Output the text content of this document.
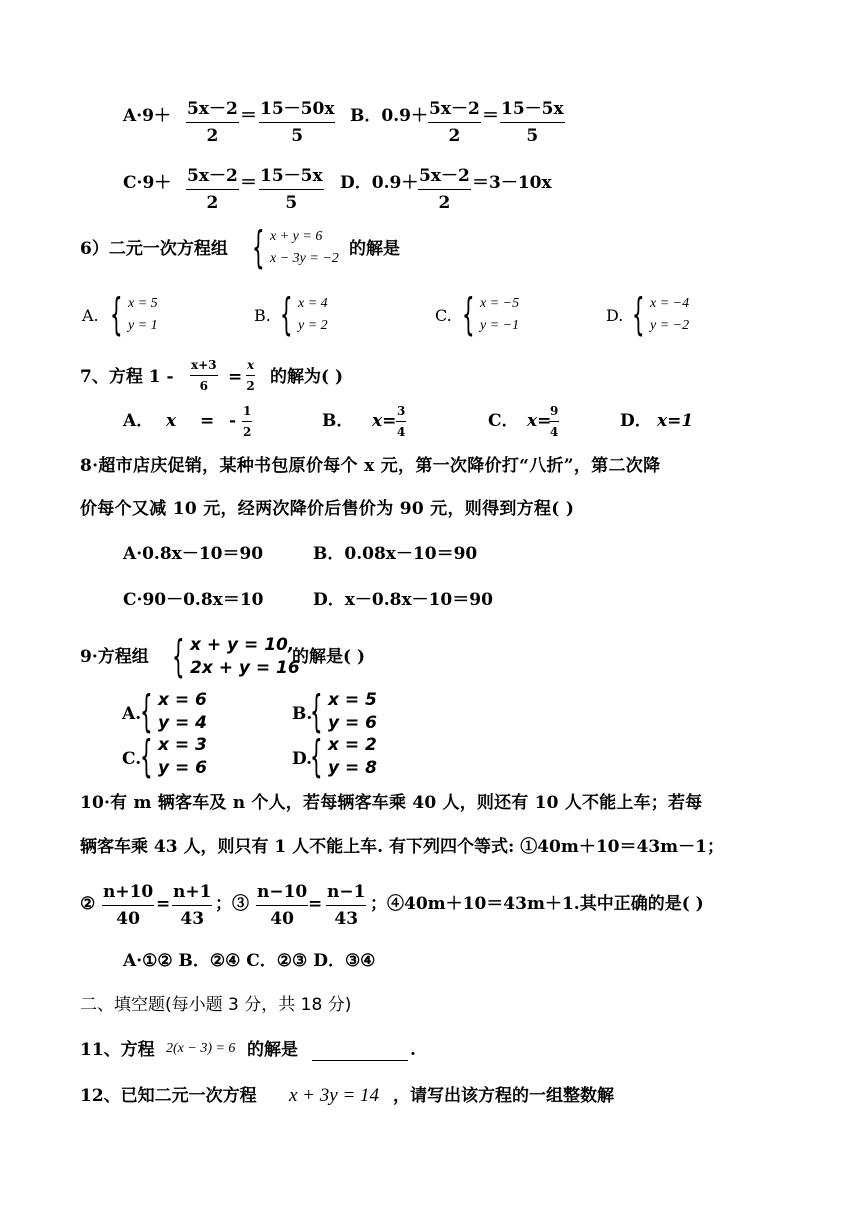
$A\cdot 9+ \frac{5x-2}{2} = \frac{15-50x}{5}$ B．$0.9+ \frac{5x-2}{2} = \frac{15-5x}{5}$
$C\cdot 9+ \frac{5x-2}{2} = \frac{15-5x}{5}$ D．$0.9+ \frac{5x-2}{2} =3-10x$
6）二元一次方程组 { x + y = 6
x − 3y = −2 的解是
A. { x = 5
y = 1
B. { x = 4
y = 2
C. { x = −5
y = −1
D. { x = −4
y = −2
7、方程 $1 - \frac{x+3}{6} = \frac{x}{2}$ 的解为( )
A． x = - $\frac{1}{2}$	B． $x= \frac{3}{4}$	C． x=
$\frac{9}{4}$	D． x=1
8·超市店庆促销，某种书包原价每个 x 元，第一次降价打“八折”，第二次降
价每个又减 10 元，经两次降价后售价为 90 元，则得到方程( )
A·0.8x－10＝90	B．0.08x－10＝90
C·90－0.8x＝10	D．x－0.8x－10＝90
9·方程组 { x + y = 10,
2x + y = 16
的解是( )
A.
{ x = 6
y = 4	B.
{ x = 5
y = 6
C.
{ x = 3
y = 6	D.
{ x = 2
y = 8
10·有 m 辆客车及 n 个人，若每辆客车乘 40 人，则还有 10 人不能上车；若每
辆客车乘 43 人，则只有 1 人不能上车. 有下列四个等式: ①40m＋10＝43m－1；
② $\frac{n+10}{40} = \frac{n+1}{43}$ ；③ $\frac{n-10}{40} = \frac{n-1}{43}$ ；④40m＋10＝43m＋1.其中正确的是( )
A·①② B．②④ C．②③ D．③④
二、填空题(每小题 3 分，共 18 分)
11、方程 2(x − 3) = 6 的解是	.
12、已知二元一次方程 x + 3y = 14 ，请写出该方程的一组整数解
